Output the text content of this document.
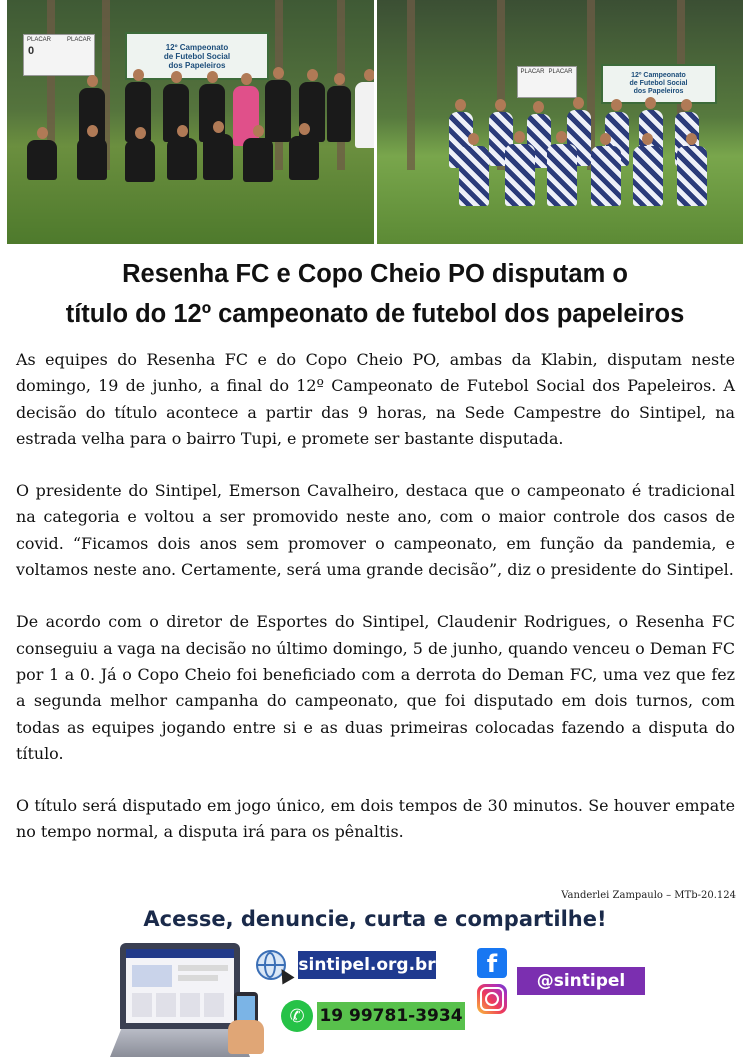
PLACAR	PLACAR
0	12º Campeonato
de Futebol Social
dos Papeleiros
PLACAR PLACAR	12º Campeonato
de Futebol Social
dos Papeleiros
Resenha FC e Copo Cheio PO disputam o
título do 12º campeonato de futebol dos papeleiros

As equipes do Resenha FC e do Copo Cheio PO, ambas da Klabin, disputam neste domingo, 19 de junho, a final do 12º Campeonato de Futebol Social dos Papeleiros. A decisão do título acontece a partir das 9 horas, na Sede Campestre do Sintipel, na estrada velha para o bairro Tupi, e promete ser bastante disputada.

O presidente do Sintipel, Emerson Cavalheiro, destaca que o campeonato é tradicional na categoria e voltou a ser promovido neste ano, com o maior controle dos casos de covid. “Ficamos dois anos sem promover o campeonato, em função da pandemia, e voltamos neste ano. Certamente, será uma grande decisão”, diz o presidente do Sintipel.

De acordo com o diretor de Esportes do Sintipel, Claudenir Rodrigues, o Resenha FC conseguiu a vaga na decisão no último domingo, 5 de junho, quando venceu o Deman FC por 1 a 0. Já o Copo Cheio foi beneficiado com a derrota do Deman FC, uma vez que fez a segunda melhor campanha do campeonato, que foi disputado em dois turnos, com todas as equipes jogando entre si e as duas primeiras colocadas fazendo a disputa do título.

O título será disputado em jogo único, em dois tempos de 30 minutos. Se houver empate no tempo normal, a disputa irá para os pênaltis.

Vanderlei Zampaulo – MTb-20.124
Acesse, denuncie, curta e compartilhe!
sintipel.org.br
✆ 19 99781-3934
f
@sintipel
